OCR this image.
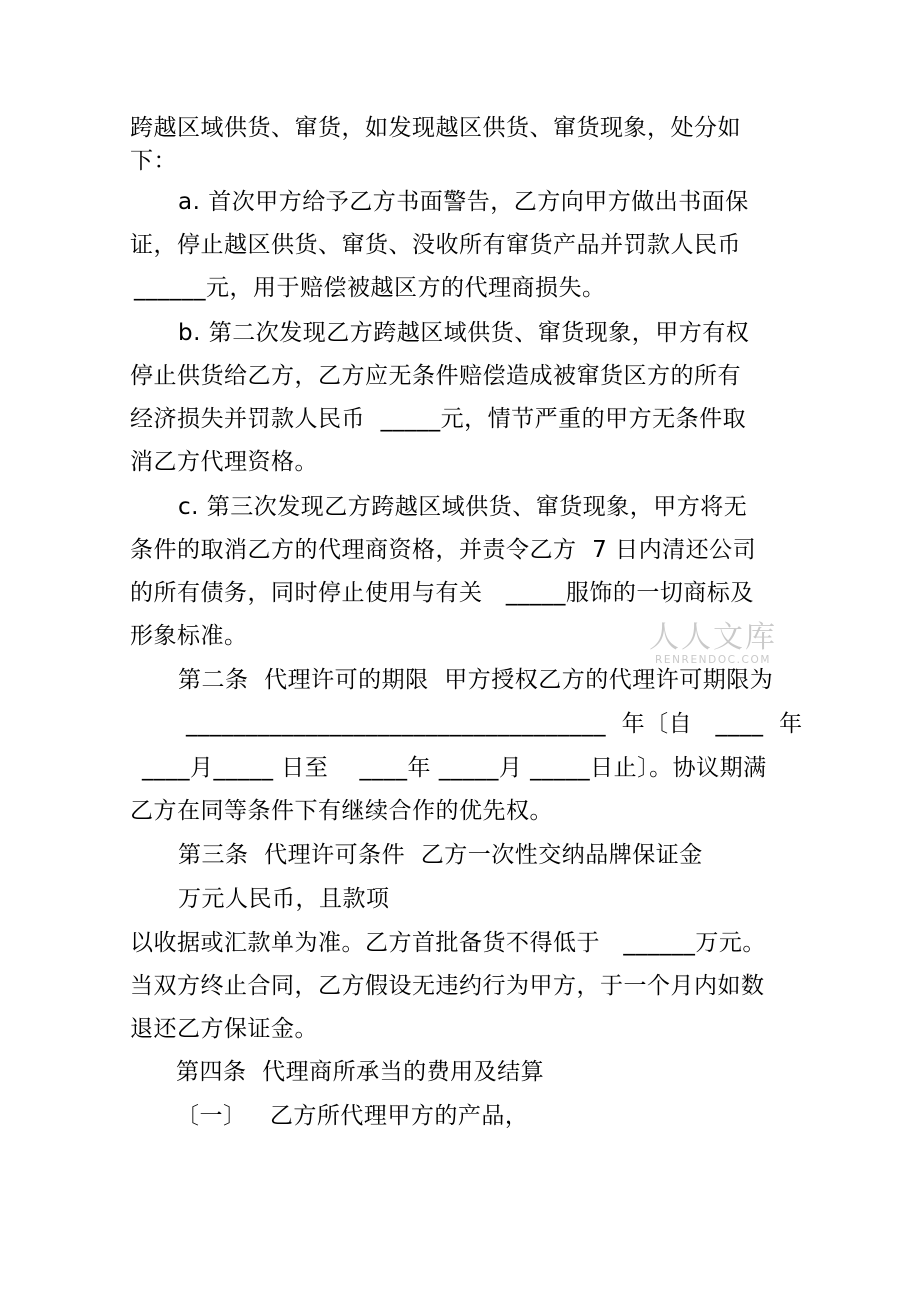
跨越区域供货、窜货，如发现越区供货、窜货现象，处分如
下：
a. 首次甲方给予乙方书面警告，乙方向甲方做出书面保
证，停止越区供货、窜货、没收所有窜货产品并罚款人民币
______元，用于赔偿被越区方的代理商损失。
b. 第二次发现乙方跨越区域供货、窜货现象，甲方有权
停止供货给乙方，乙方应无条件赔偿造成被窜货区方的所有
经济损失并罚款人民币  _____元，情节严重的甲方无条件取
消乙方代理资格。
c. 第三次发现乙方跨越区域供货、窜货现象，甲方将无
条件的取消乙方的代理商资格，并责令乙方  7 日内清还公司
的所有债务，同时停止使用与有关   _____服饰的一切商标及
形象标准。
第二条  代理许可的期限  甲方授权乙方的代理许可期限为
___________________________________  年〔自   ____  年
____月_____ 日至    ____年 _____月 _____日止〕。协议期满
乙方在同等条件下有继续合作的优先权。
第三条  代理许可条件  乙方一次性交纳品牌保证金
万元人民币，且款项
以收据或汇款单为准。乙方首批备货不得低于   ______万元。
当双方终止合同，乙方假设无违约行为甲方，于一个月内如数
退还乙方保证金。
第四条  代理商所承当的费用及结算
〔一〕   乙方所代理甲方的产品，
人人文库
RENRENDOC.COM
